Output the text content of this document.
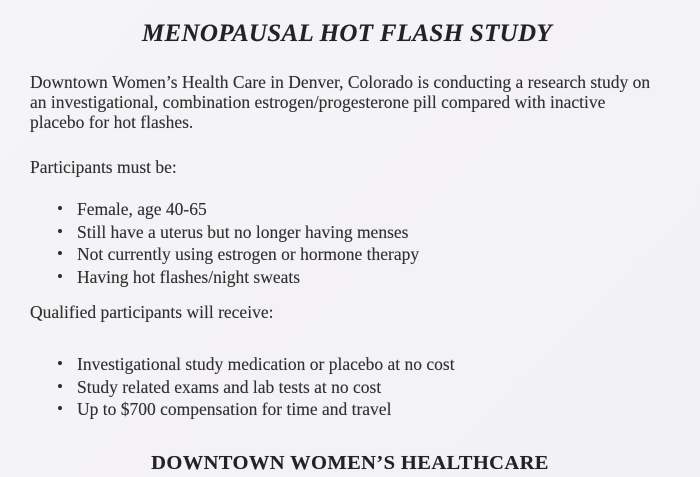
MENOPAUSAL HOT FLASH STUDY

Downtown Women’s Health Care in Denver, Colorado is conducting a research study on
an investigational, combination estrogen/progesterone pill compared with inactive
placebo for hot flashes.

Participants must be:

• Female, age 40-65
• Still have a uterus but no longer having menses
• Not currently using estrogen or hormone therapy
• Having hot flashes/night sweats

Qualified participants will receive:

• Investigational study medication or placebo at no cost
• Study related exams and lab tests at no cost
• Up to $700 compensation for time and travel
DOWNTOWN WOMEN’S HEALTHCARE
